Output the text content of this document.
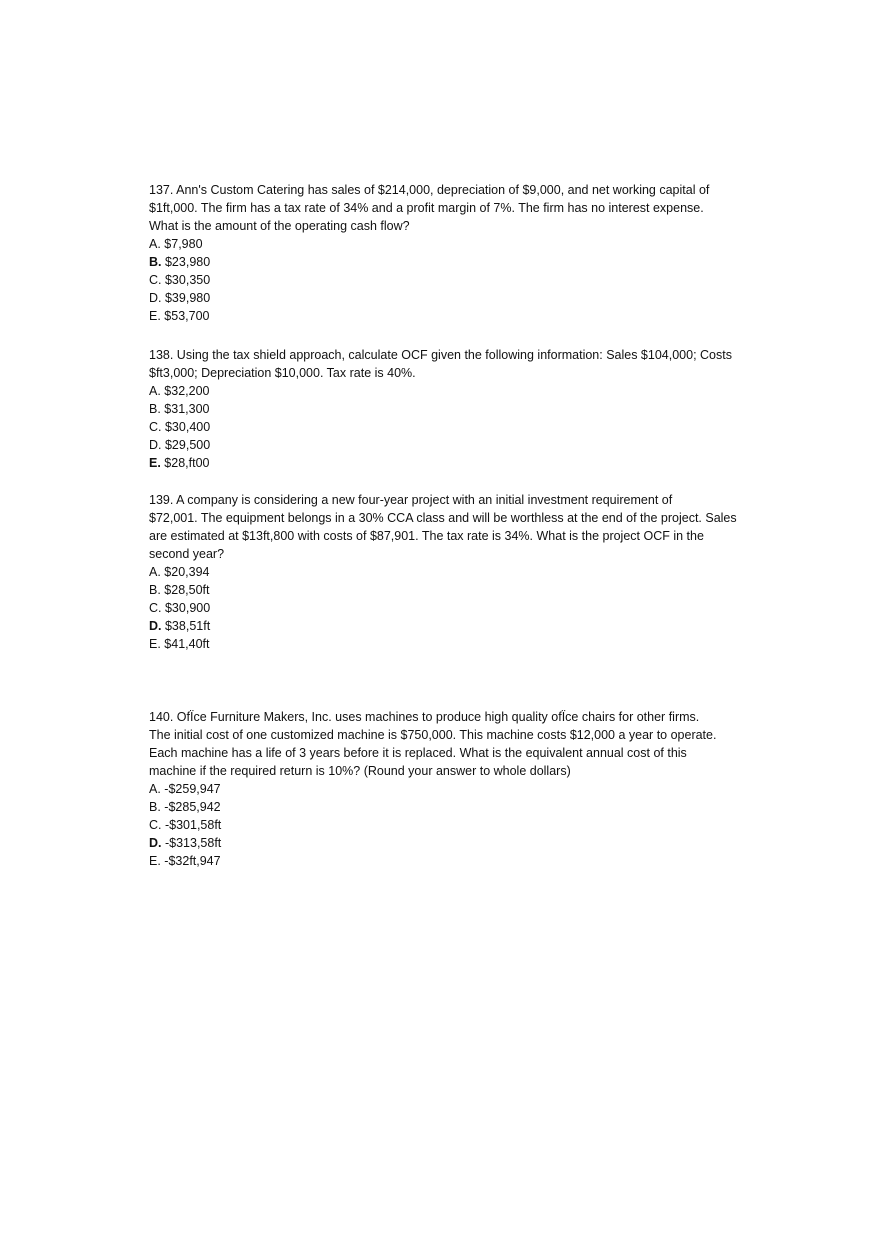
137. Ann's Custom Catering has sales of $214,000, depreciation of $9,000, and net working capital of

$1ft,000. The firm has a tax rate of 34% and a profit margin of 7%. The firm has no interest expense.

What is the amount of the operating cash flow?

A. $7,980
B. $23,980
C. $30,350
D. $39,980
E. $53,700

138. Using the tax shield approach, calculate OCF given the following information: Sales $104,000; Costs

$ft3,000; Depreciation $10,000. Tax rate is 40%.

A. $32,200
B. $31,300
C. $30,400
D. $29,500
E. $28,ft00

139. A company is considering a new four-year project with an initial investment requirement of

$72,001. The equipment belongs in a 30% CCA class and will be worthless at the end of the project. Sales

are estimated at $13ft,800 with costs of $87,901. The tax rate is 34%. What is the project OCF in the

second year?

A. $20,394
B. $28,50ft
C. $30,900
D. $38,51ft
E. $41,40ft

140. OfÏce Furniture Makers, Inc. uses machines to produce high quality ofÏce chairs for other firms.

The initial cost of one customized machine is $750,000. This machine costs $12,000 a year to operate.

Each machine has a life of 3 years before it is replaced. What is the equivalent annual cost of this

machine if the required return is 10%? (Round your answer to whole dollars)

A. -$259,947
B. -$285,942
C. -$301,58ft
D. -$313,58ft
E. -$32ft,947
